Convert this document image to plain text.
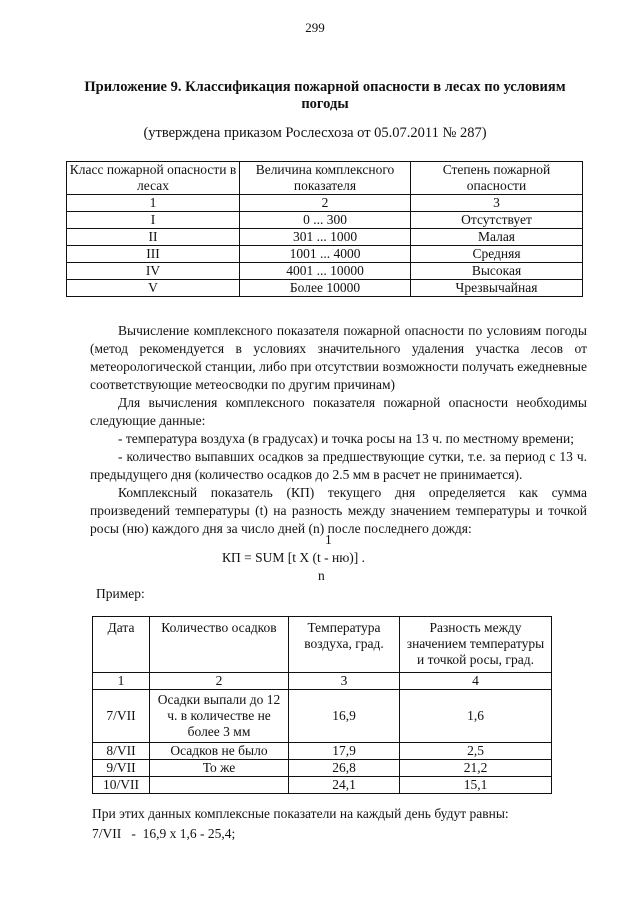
299
Приложение 9. Классификация пожарной опасности в лесах по условиям погоды
(утверждена приказом Рослесхоза от 05.07.2011 № 287)
Класс пожарной опасности в лесах	Величина комплексного показателя	Степень пожарной опасности
1	2	3
I	0 ... 300	Отсутствует
II	301 ... 1000	Малая
III	1001 ... 4000	Средняя
IV	4001 ... 10000	Высокая
V	Более 10000	Чрезвычайная
Вычисление комплексного показателя пожарной опасности по условиям погоды (метод рекомендуется в условиях значительного удаления участка лесов от метеорологической станции, либо при отсутствии возможности получать ежедневные соответствующие метеосводки по другим причинам)
Для вычисления комплексного показателя пожарной опасности необходимы следующие данные:
- температура воздуха (в градусах) и точка росы на 13 ч. по местному времени;
- количество выпавших осадков за предшествующие сутки, т.е. за период с 13 ч. предыдущего дня (количество осадков до 2.5 мм в расчет не принимается).
Комплексный показатель (КП) текущего дня определяется как сумма произведений температуры (t) на разность между значением температуры и точкой росы (ню) каждого дня за число дней (n) после последнего дождя:
1
КП = SUM [t X (t - ню)] .
n
Пример:
Дата	Количество осадков	Температура воздуха, град.	Разность между значением температуры и точкой росы, град.
1	2	3	4
7/VII	Осадки выпали до 12 ч. в количестве не более 3 мм	16,9	1,6
8/VII	Осадков не было	17,9	2,5
9/VII	То же	26,8	21,2
10/VII		24,1	15,1
При этих данных комплексные показатели на каждый день будут равны:
7/VII   -  16,9 х 1,6 - 25,4;
